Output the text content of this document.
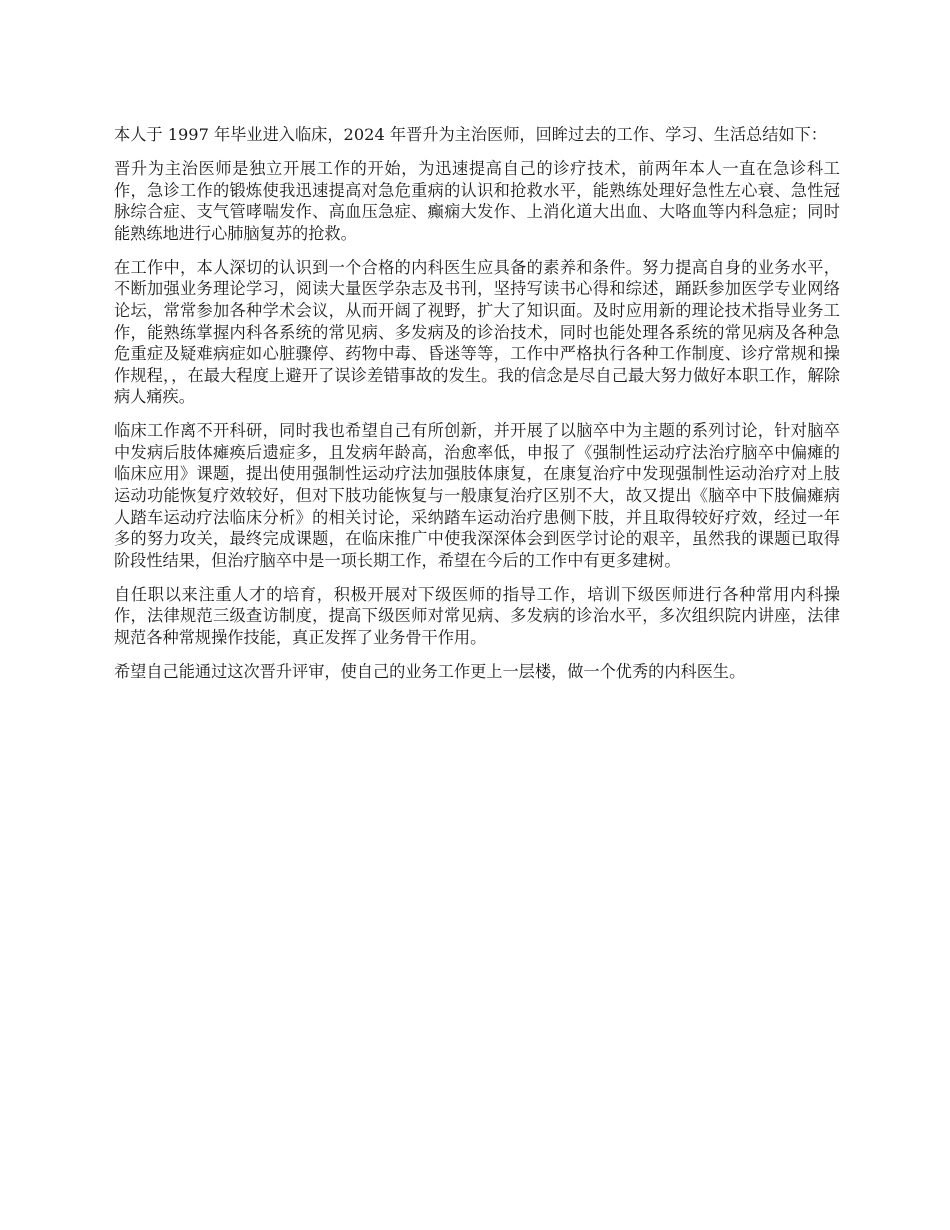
本人于 1997 年毕业进入临床，2024 年晋升为主治医师，回眸过去的工作、学习、生活总结如下：

晋升为主治医师是独立开展工作的开始，为迅速提高自己的诊疗技术，前两年本人一直在急诊科工作，急诊工作的锻炼使我迅速提高对急危重病的认识和抢救水平，能熟练处理好急性左心衰、急性冠脉综合症、支气管哮喘发作、高血压急症、癫痫大发作、上消化道大出血、大咯血等内科急症；同时能熟练地进行心肺脑复苏的抢救。

在工作中，本人深切的认识到一个合格的内科医生应具备的素养和条件。努力提高自身的业务水平，不断加强业务理论学习，阅读大量医学杂志及书刊，坚持写读书心得和综述，踊跃参加医学专业网络论坛，常常参加各种学术会议，从而开阔了视野，扩大了知识面。及时应用新的理论技术指导业务工作，能熟练掌握内科各系统的常见病、多发病及的诊治技术，同时也能处理各系统的常见病及各种急危重症及疑难病症如心脏骤停、药物中毒、昏迷等等，工作中严格执行各种工作制度、诊疗常规和操作规程，，在最大程度上避开了误诊差错事故的发生。我的信念是尽自己最大努力做好本职工作，解除病人痛疾。

临床工作离不开科研，同时我也希望自己有所创新，并开展了以脑卒中为主题的系列讨论，针对脑卒中发病后肢体瘫痪后遗症多，且发病年龄高，治愈率低，申报了《强制性运动疗法治疗脑卒中偏瘫的临床应用》课题，提出使用强制性运动疗法加强肢体康复，在康复治疗中发现强制性运动治疗对上肢运动功能恢复疗效较好，但对下肢功能恢复与一般康复治疗区别不大，故又提出《脑卒中下肢偏瘫病人踏车运动疗法临床分析》的相关讨论，采纳踏车运动治疗患侧下肢，并且取得较好疗效，经过一年多的努力攻关，最终完成课题，在临床推广中使我深深体会到医学讨论的艰辛，虽然我的课题已取得阶段性结果，但治疗脑卒中是一项长期工作，希望在今后的工作中有更多建树。

自任职以来注重人才的培育，积极开展对下级医师的指导工作，培训下级医师进行各种常用内科操作，法律规范三级查访制度，提高下级医师对常见病、多发病的诊治水平，多次组织院内讲座，法律规范各种常规操作技能，真正发挥了业务骨干作用。

希望自己能通过这次晋升评审，使自己的业务工作更上一层楼，做一个优秀的内科医生。
